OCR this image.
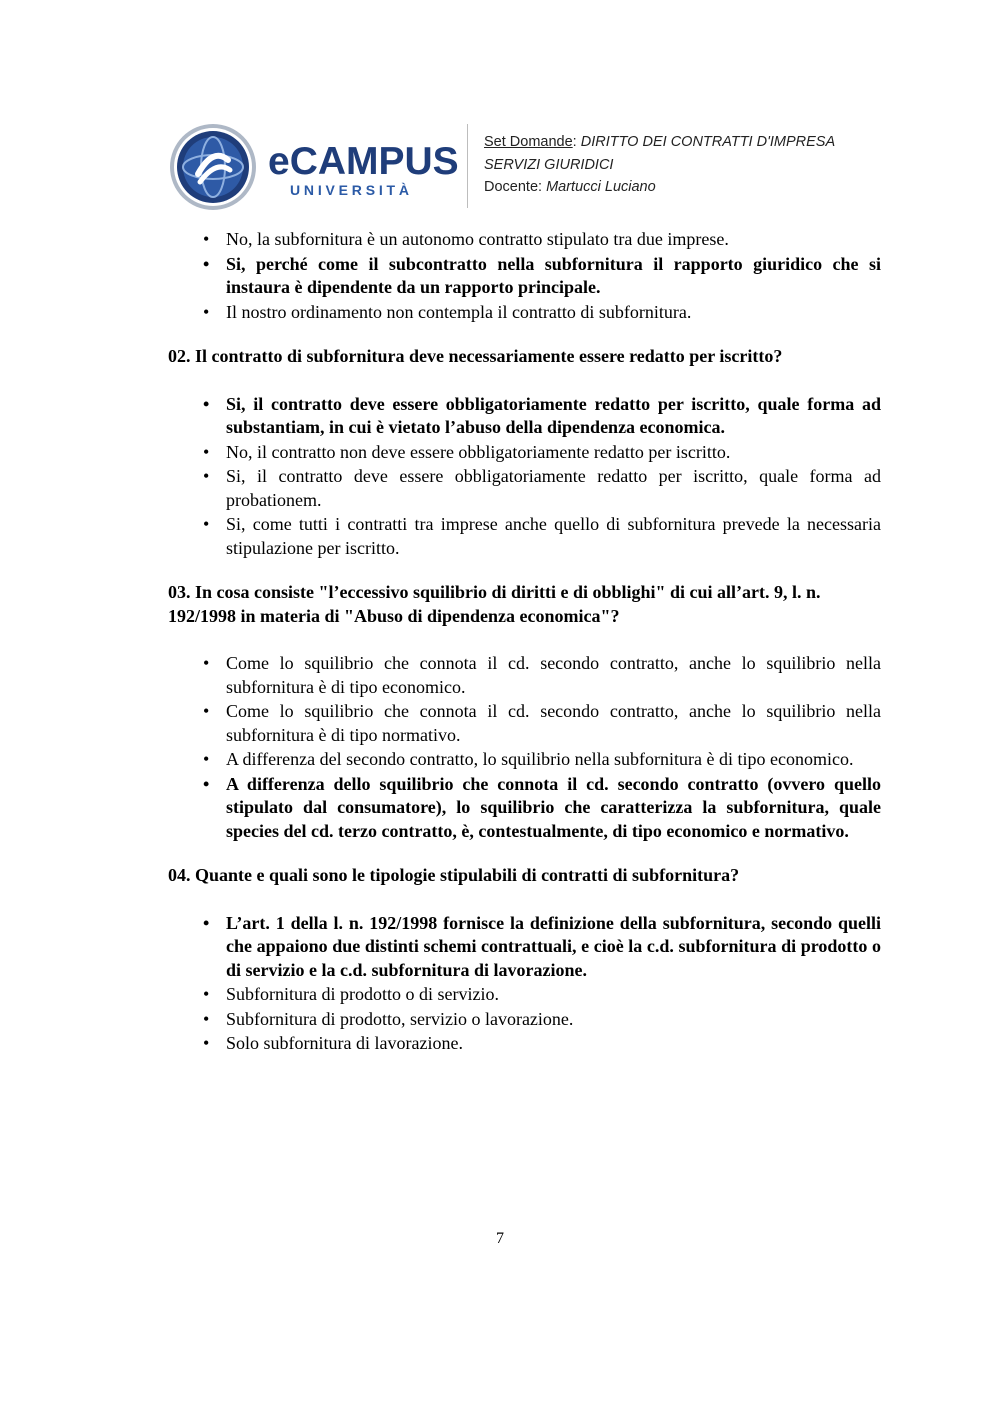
eCAMPUS
UNIVERSITÀ
Set Domande: DIRITTO DEI CONTRATTI D'IMPRESA
SERVIZI GIURIDICI
Docente: Martucci Luciano
• No, la subfornitura è un autonomo contratto stipulato tra due imprese.
• Si, perché come il subcontratto nella subfornitura il rapporto giuridico che si instaura è dipendente da un rapporto principale.
• Il nostro ordinamento non contempla il contratto di subfornitura.

02. Il contratto di subfornitura deve necessariamente essere redatto per iscritto?

• Si, il contratto deve essere obbligatoriamente redatto per iscritto, quale forma ad substantiam, in cui è vietato l’abuso della dipendenza economica.
• No, il contratto non deve essere obbligatoriamente redatto per iscritto.
• Si, il contratto deve essere obbligatoriamente redatto per iscritto, quale forma ad probationem.
• Si, come tutti i contratti tra imprese anche quello di subfornitura prevede la necessaria stipulazione per iscritto.

03. In cosa consiste "l’eccessivo squilibrio di diritti e di obblighi" di cui all’art. 9, l. n. 192/1998 in materia di "Abuso di dipendenza economica"?

• Come lo squilibrio che connota il cd. secondo contratto, anche lo squilibrio nella subfornitura è di tipo economico.
• Come lo squilibrio che connota il cd. secondo contratto, anche lo squilibrio nella subfornitura è di tipo normativo.
• A differenza del secondo contratto, lo squilibrio nella subfornitura è di tipo economico.
• A differenza dello squilibrio che connota il cd. secondo contratto (ovvero quello stipulato dal consumatore), lo squilibrio che caratterizza la subfornitura, quale species del cd. terzo contratto, è, contestualmente, di tipo economico e normativo.

04. Quante e quali sono le tipologie stipulabili di contratti di subfornitura?

• L’art. 1 della l. n. 192/1998 fornisce la definizione della subfornitura, secondo quelli che appaiono due distinti schemi contrattuali, e cioè la c.d. subfornitura di prodotto o di servizio e la c.d. subfornitura di lavorazione.
• Subfornitura di prodotto o di servizio.
• Subfornitura di prodotto, servizio o lavorazione.
• Solo subfornitura di lavorazione.
7
